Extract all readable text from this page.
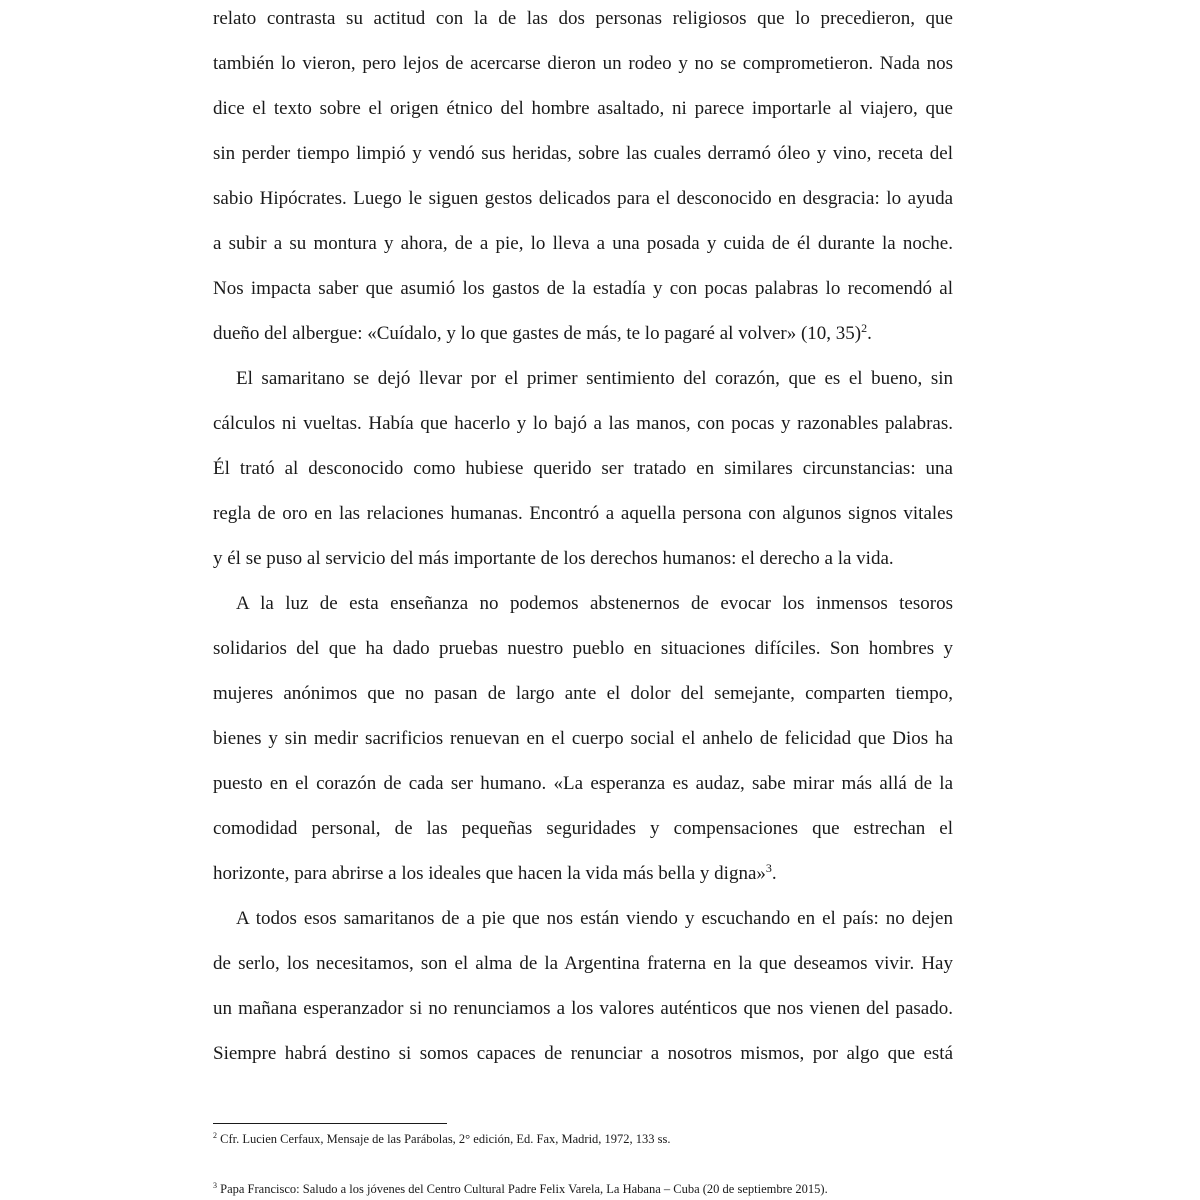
relato contrasta su actitud con la de las dos personas religiosos que lo precedieron, que
también lo vieron, pero lejos de acercarse dieron un rodeo y no se comprometieron. Nada nos
dice el texto sobre el origen étnico del hombre asaltado, ni parece importarle al viajero, que
sin perder tiempo limpió y vendó sus heridas, sobre las cuales derramó óleo y vino, receta del
sabio Hipócrates. Luego le siguen gestos delicados para el desconocido en desgracia: lo ayuda
a subir a su montura y ahora, de a pie, lo lleva a una posada y cuida de él durante la noche.
Nos impacta saber que asumió los gastos de la estadía y con pocas palabras lo recomendó al
dueño del albergue: «Cuídalo, y lo que gastes de más, te lo pagaré al volver» (10, 35)$^2$.
El samaritano se dejó llevar por el primer sentimiento del corazón, que es el bueno, sin
cálculos ni vueltas. Había que hacerlo y lo bajó a las manos, con pocas y razonables palabras.
Él trató al desconocido como hubiese querido ser tratado en similares circunstancias: una
regla de oro en las relaciones humanas. Encontró a aquella persona con algunos signos vitales
y él se puso al servicio del más importante de los derechos humanos: el derecho a la vida.
A la luz de esta enseñanza no podemos abstenernos de evocar los inmensos tesoros
solidarios del que ha dado pruebas nuestro pueblo en situaciones difíciles. Son hombres y
mujeres anónimos que no pasan de largo ante el dolor del semejante, comparten tiempo,
bienes y sin medir sacrificios renuevan en el cuerpo social el anhelo de felicidad que Dios ha
puesto en el corazón de cada ser humano. «La esperanza es audaz, sabe mirar más allá de la
comodidad personal, de las pequeñas seguridades y compensaciones que estrechan el
horizonte, para abrirse a los ideales que hacen la vida más bella y digna»$^3$.
A todos esos samaritanos de a pie que nos están viendo y escuchando en el país: no dejen
de serlo, los necesitamos, son el alma de la Argentina fraterna en la que deseamos vivir. Hay
un mañana esperanzador si no renunciamos a los valores auténticos que nos vienen del pasado.
Siempre habrá destino si somos capaces de renunciar a nosotros mismos, por algo que está
$^2$ Cfr. Lucien Cerfaux, Mensaje de las Parábolas, 2° edición, Ed. Fax, Madrid, 1972, 133 ss.
$^3$ Papa Francisco: Saludo a los jóvenes del Centro Cultural Padre Felix Varela, La Habana – Cuba (20 de septiembre 2015).
